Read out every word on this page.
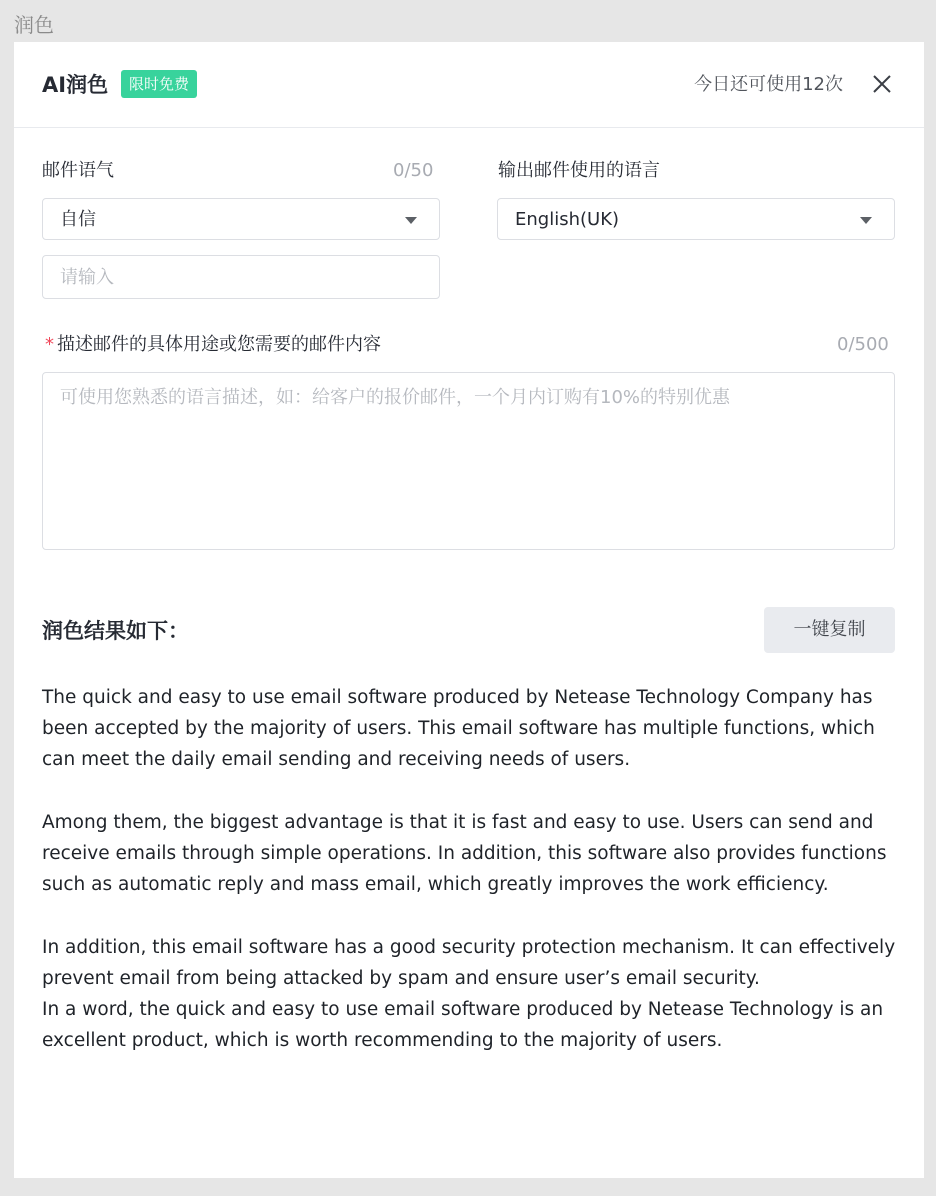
润色
AI润色	限时免费	今日还可使用12次
邮件语气	0/50
自信
请输入
输出邮件使用的语言
English(UK)
* 描述邮件的具体用途或您需要的邮件内容	0/500
可使用您熟悉的语言描述，如：给客户的报价邮件，一个月内订购有10%的特别优惠
润色结果如下：	一键复制

The quick and easy to use email software produced by Netease Technology Company has been accepted by the majority of users. This email software has multiple functions, which can meet the daily email sending and receiving needs of users.

Among them, the biggest advantage is that it is fast and easy to use. Users can send and receive emails through simple operations. In addition, this software also provides functions such as automatic reply and mass email, which greatly improves the work efficiency.

In addition, this email software has a good security protection mechanism. It can effectively prevent email from being attacked by spam and ensure user’s email security.

In a word, the quick and easy to use email software produced by Netease Technology is an excellent product, which is worth recommending to the majority of users.
